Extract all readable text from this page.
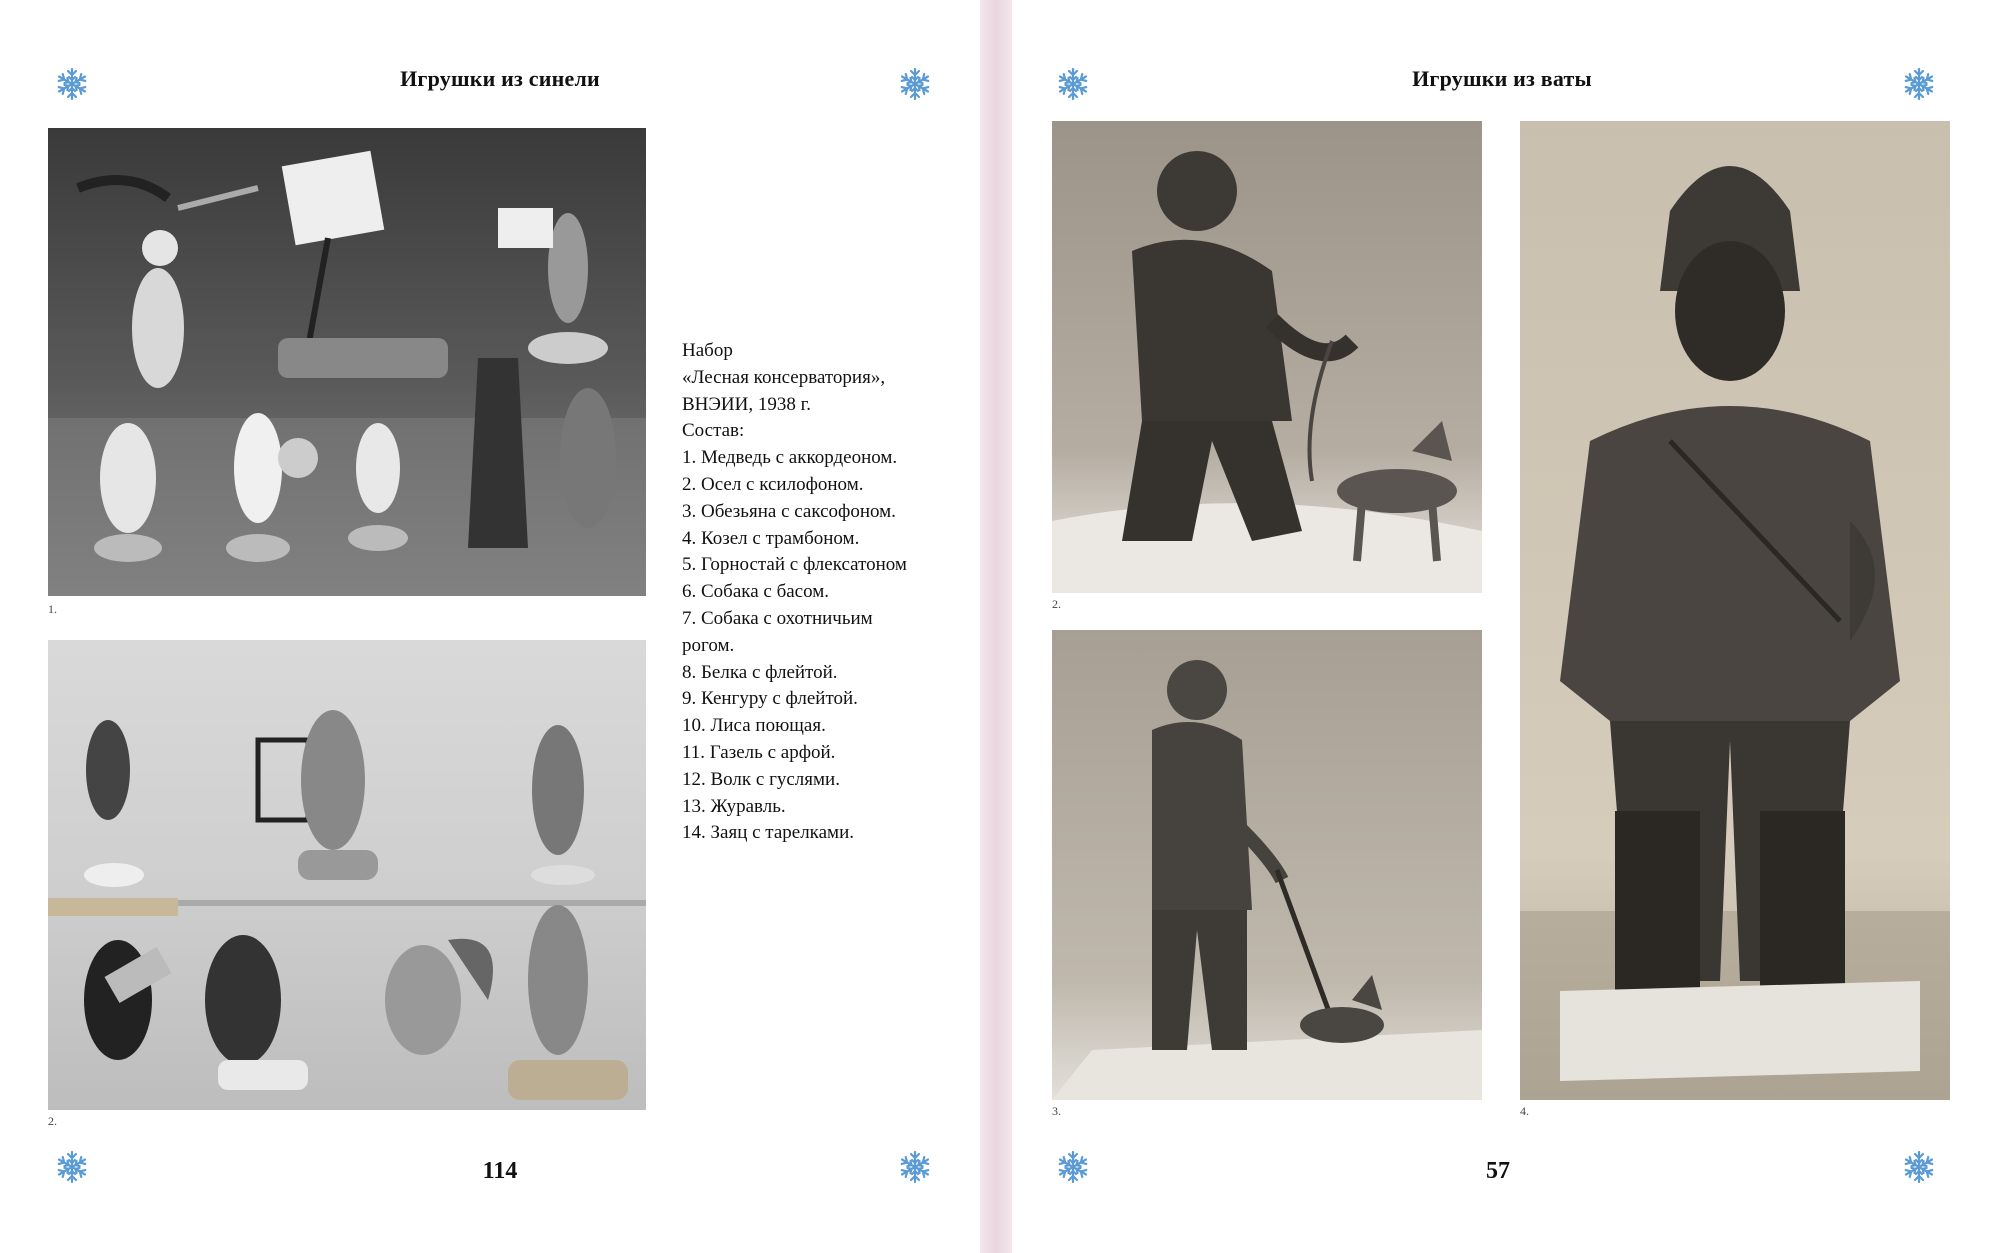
Игрушки из синели
1.
2.
Набор
«Лесная консерватория»,
ВНЭИИ, 1938 г.
Состав:
1. Медведь с аккордеоном.
2. Осел с ксилофоном.
3. Обезьяна с саксофоном.
4. Козел с трамбоном.
5. Горностай с флексатоном
6. Собака с басом.
7. Собака с охотничьим
рогом.
8. Белка с флейтой.
9. Кенгуру с флейтой.
10. Лиса поющая.
11. Газель с арфой.
12. Волк с гуслями.
13. Журавль.
14. Заяц с тарелками.
114
Игрушки из ваты
2.
3.	4.
57
